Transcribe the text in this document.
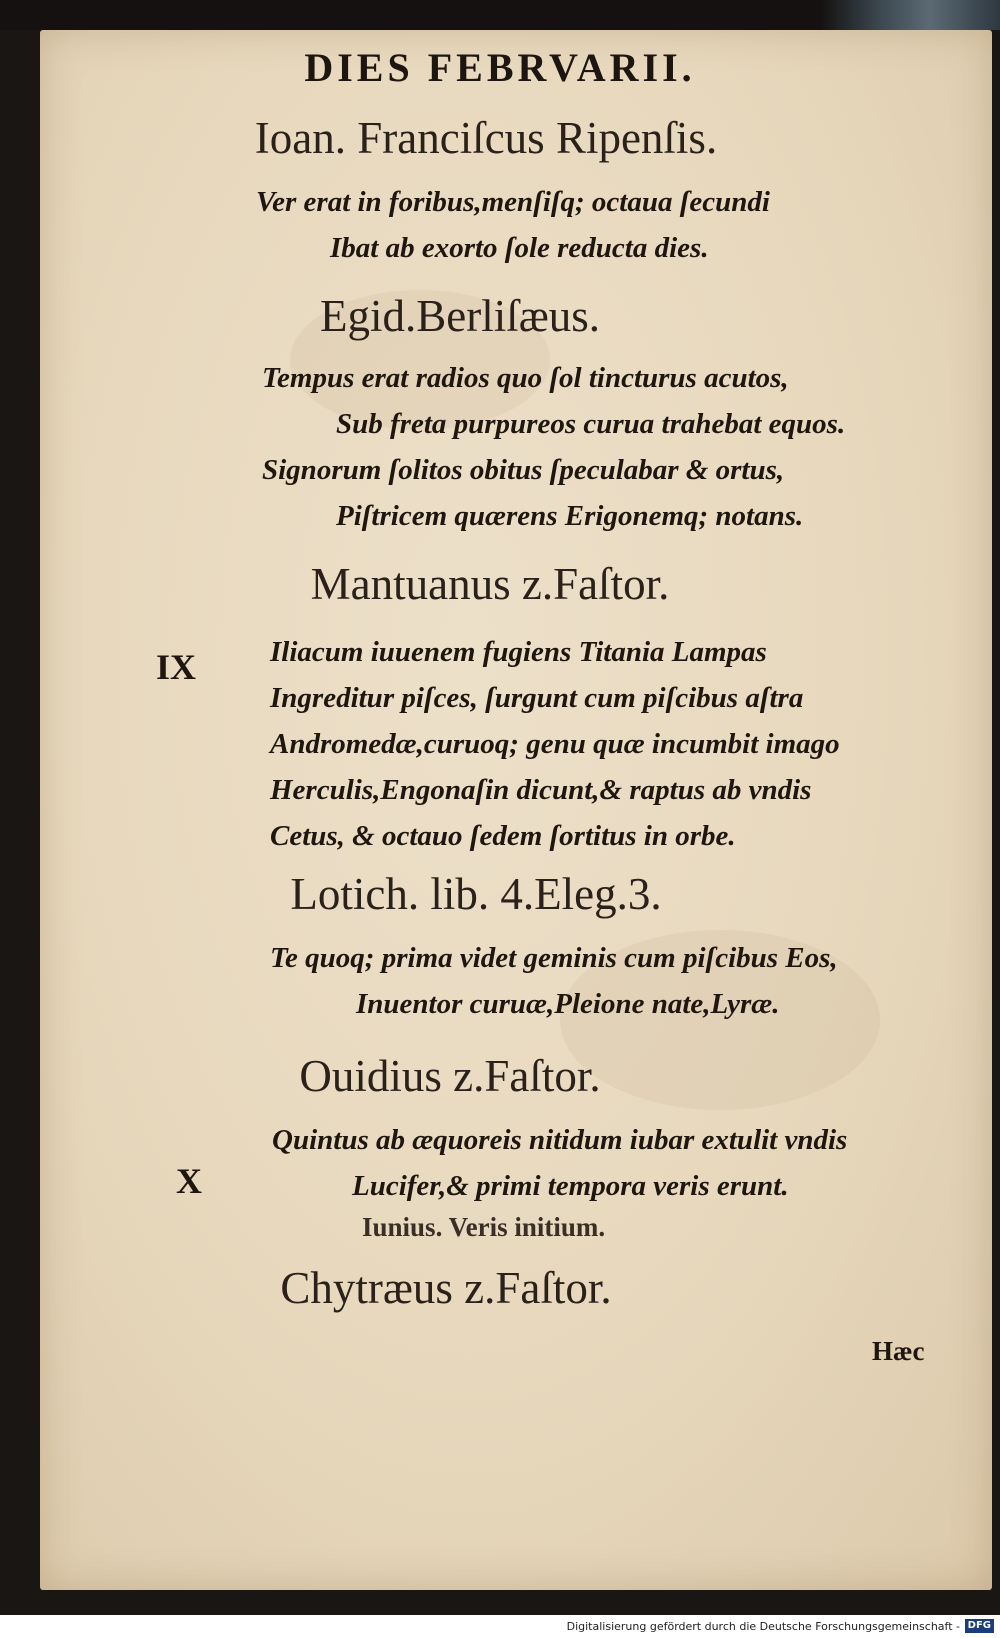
DIES FEBRVARII.
Ioan. Franciſcus Ripenſis.
Ver erat in foribus,menſiſq; octaua ſecundi
Ibat ab exorto ſole reducta dies.
Egid.Berliſæus.
Tempus erat radios quo ſol tincturus acutos,
Sub freta purpureos curua trahebat equos.
Signorum ſolitos obitus ſpeculabar & ortus,
Piſtricem quærens Erigonemq; notans.
Mantuanus z.Faſtor.
IX	Iliacum iuuenem fugiens Titania Lampas
Ingreditur piſces, ſurgunt cum piſcibus aſtra
Andromedæ,curuoq; genu quæ incumbit imago
Herculis,Engonaſin dicunt,& raptus ab vndis
Cetus, & octauo ſedem ſortitus in orbe.
Lotich. lib. 4.Eleg.3.
Te quoq; prima videt geminis cum piſcibus Eos,
Inuentor curuæ,Pleione nate,Lyræ.
Ouidius z.Faſtor.
Quintus ab æquoreis nitidum iubar extulit vndis
X	Lucifer,& primi tempora veris erunt.
Iunius. Veris initium.
Chytræus z.Faſtor.
Hæc
Digitalisierung gefördert durch die Deutsche Forschungsgemeinschaft - DFG
